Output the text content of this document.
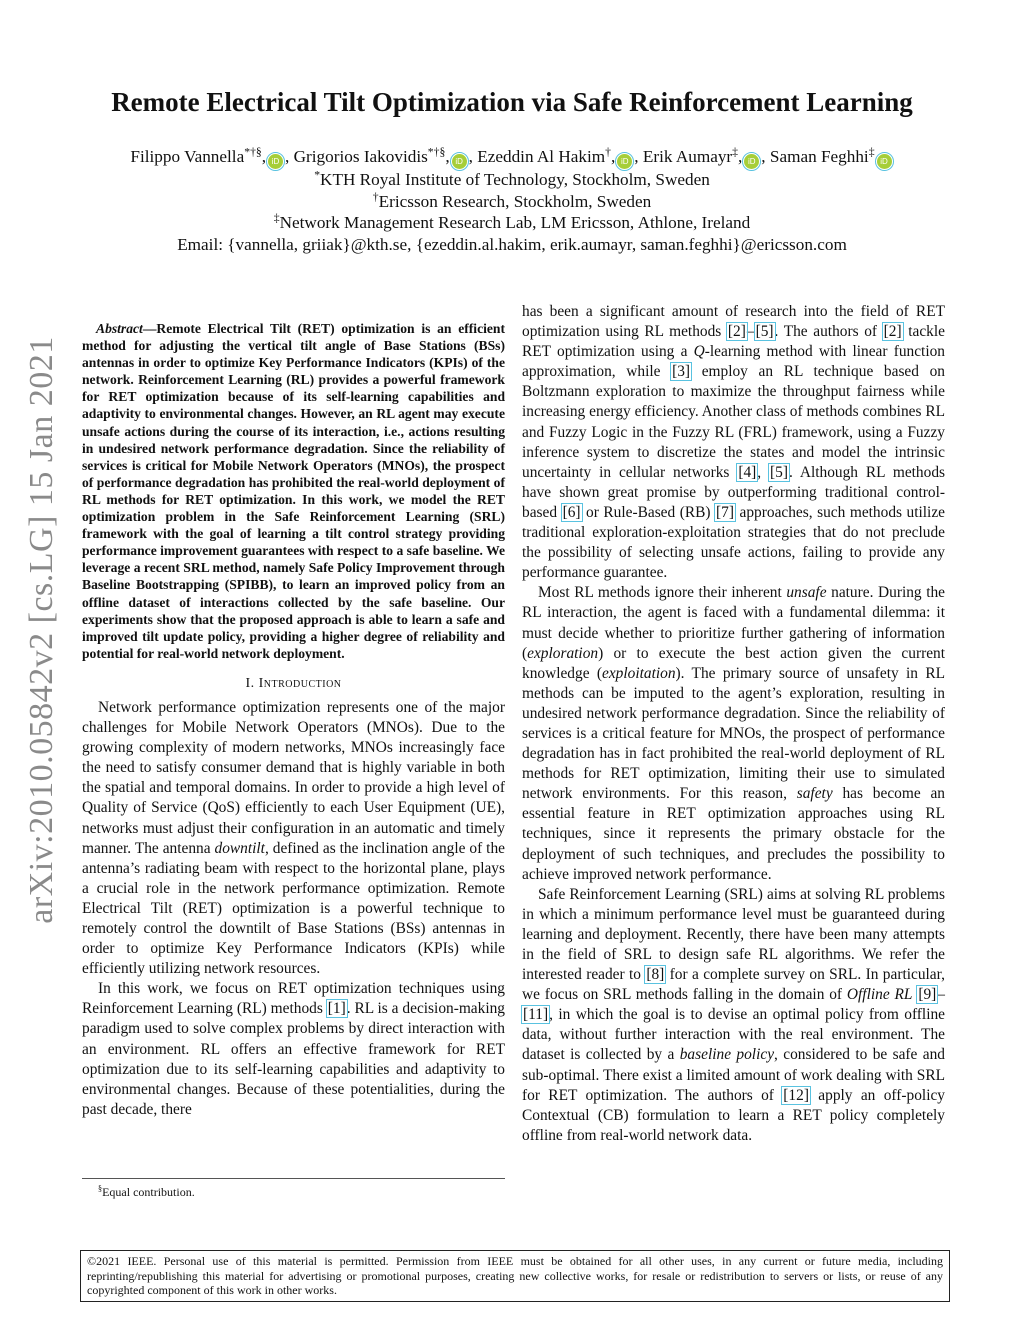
arXiv:2010.05842v2 [cs.LG] 15 Jan 2021
Remote Electrical Tilt Optimization via Safe Reinforcement Learning
Filippo Vannella*†§, iD , Grigorios Iakovidis*†§, iD , Ezeddin Al Hakim†, iD , Erik Aumayr‡, iD , Saman Feghhi‡iD
*KTH Royal Institute of Technology, Stockholm, Sweden
†Ericsson Research, Stockholm, Sweden
‡Network Management Research Lab, LM Ericsson, Athlone, Ireland
Email: {vannella, griiak}@kth.se, {ezeddin.al.hakim, erik.aumayr, saman.feghhi}@ericsson.com

Abstract—Remote Electrical Tilt (RET) optimization is an efficient method for adjusting the vertical tilt angle of Base Stations (BSs) antennas in order to optimize Key Performance Indicators (KPIs) of the network. Reinforcement Learning (RL) provides a powerful framework for RET optimization because of its self-learning capabilities and adaptivity to environmental changes. However, an RL agent may execute unsafe actions during the course of its interaction, i.e., actions resulting in undesired network performance degradation. Since the reliability of services is critical for Mobile Network Operators (MNOs), the prospect of performance degradation has prohibited the real-world deployment of RL methods for RET optimization. In this work, we model the RET optimization problem in the Safe Reinforcement Learning (SRL) framework with the goal of learning a tilt control strategy providing performance improvement guarantees with respect to a safe baseline. We leverage a recent SRL method, namely Safe Policy Improvement through Baseline Bootstrapping (SPIBB), to learn an improved policy from an offline dataset of interactions collected by the safe baseline. Our experiments show that the proposed approach is able to learn a safe and improved tilt update policy, providing a higher degree of reliability and potential for real-world network deployment.

I. Introduction

Network performance optimization represents one of the major challenges for Mobile Network Operators (MNOs). Due to the growing complexity of modern networks, MNOs increasingly face the need to satisfy consumer demand that is highly variable in both the spatial and temporal domains. In order to provide a high level of Quality of Service (QoS) efficiently to each User Equipment (UE), networks must adjust their configuration in an automatic and timely manner. The antenna downtilt, defined as the inclination angle of the antenna’s radiating beam with respect to the horizontal plane, plays a crucial role in the network performance optimization. Remote Electrical Tilt (RET) optimization is a powerful technique to remotely control the downtilt of Base Stations (BSs) antennas in order to optimize Key Performance Indicators (KPIs) while efficiently utilizing network resources.

In this work, we focus on RET optimization techniques using Reinforcement Learning (RL) methods [1]. RL is a decision-making paradigm used to solve complex problems by direct interaction with an environment. RL offers an effective framework for RET optimization due to its self-learning capabilities and adaptivity to environmental changes. Because of these potentialities, during the past decade, there

has been a significant amount of research into the field of RET optimization using RL methods [2]–[5]. The authors of [2] tackle RET optimization using a Q-learning method with linear function approximation, while [3] employ an RL technique based on Boltzmann exploration to maximize the throughput fairness while increasing energy efficiency. Another class of methods combines RL and Fuzzy Logic in the Fuzzy RL (FRL) framework, using a Fuzzy inference system to discretize the states and model the intrinsic uncertainty in cellular networks [4], [5]. Although RL methods have shown great promise by outperforming traditional control-based [6] or Rule-Based (RB) [7] approaches, such methods utilize traditional exploration-exploitation strategies that do not preclude the possibility of selecting unsafe actions, failing to provide any performance guarantee.

Most RL methods ignore their inherent unsafe nature. During the RL interaction, the agent is faced with a fundamental dilemma: it must decide whether to prioritize further gathering of information (exploration) or to execute the best action given the current knowledge (exploitation). The primary source of unsafety in RL methods can be imputed to the agent’s exploration, resulting in undesired network performance degradation. Since the reliability of services is a critical feature for MNOs, the prospect of performance degradation has in fact prohibited the real-world deployment of RL methods for RET optimization, limiting their use to simulated network environments. For this reason, safety has become an essential feature in RET optimization approaches using RL techniques, since it represents the primary obstacle for the deployment of such techniques, and precludes the possibility to achieve improved network performance.

Safe Reinforcement Learning (SRL) aims at solving RL problems in which a minimum performance level must be guaranteed during learning and deployment. Recently, there have been many attempts in the field of SRL to design safe RL algorithms. We refer the interested reader to [8] for a complete survey on SRL. In particular, we focus on SRL methods falling in the domain of Offline RL [9]–[11], in which the goal is to devise an optimal policy from offline data, without further interaction with the real environment. The dataset is collected by a baseline policy, considered to be safe and sub-optimal. There exist a limited amount of work dealing with SRL for RET optimization. The authors of [12] apply an off-policy Contextual (CB) formulation to learn a RET policy completely offline from real-world network data.

§Equal contribution.
©2021 IEEE. Personal use of this material is permitted. Permission from IEEE must be obtained for all other uses, in any current or future media, including reprinting/republishing this material for advertising or promotional purposes, creating new collective works, for resale or redistribution to servers or lists, or reuse of any copyrighted component of this work in other works.
